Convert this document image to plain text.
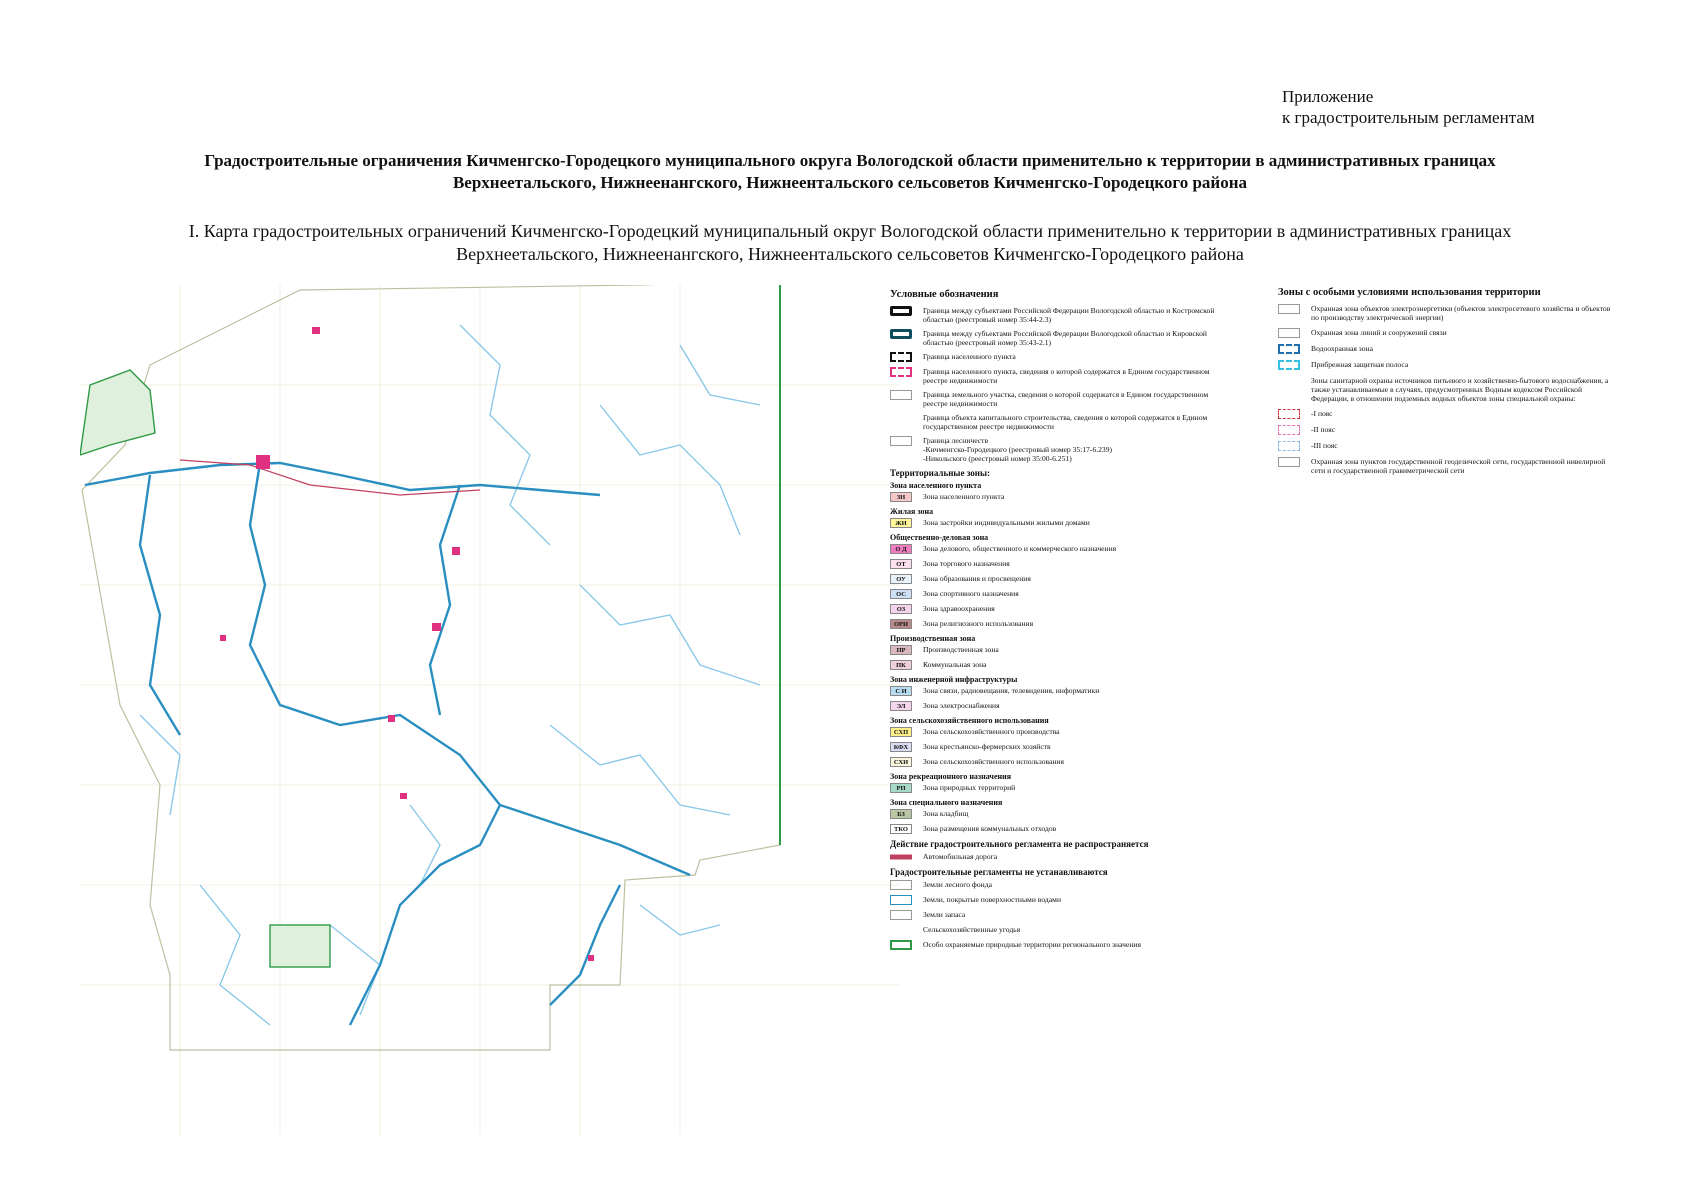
Приложение
к градостроительным регламентам
Градостроительные ограничения Кичменгско-Городецкого муниципального округа Вологодской области применительно к территории в административных границах
Верхнеетальского, Нижнеенангского, Нижнеентальского сельсоветов Кичменгско-Городецкого района
I. Карта градостроительных ограничений Кичменгско-Городецкий муниципальный округ Вологодской области применительно к территории в административных границах
Верхнеетальского, Нижнеенангского, Нижнеентальского сельсоветов Кичменгско-Городецкого района
Условные обозначения
Граница между субъектами Российской Федерации Вологодской областью и Костромской областью (реестровый номер 35:44-2.3)
Граница между субъектами Российской Федерации Вологодской областью и Кировской областью (реестровый номер 35:43-2.1)
Граница населенного пункта
Граница населенного пункта, сведения о которой содержатся в Едином государственном реестре недвижимости
Граница земельного участка, сведения о которой содержатся в Едином государственном реестре недвижимости
Граница объекта капитального строительства, сведения о которой содержатся в Едином государственном реестре недвижимости
Граница лесничеств
-Кичменгско-Городецкого (реестровый номер 35:17-6.239)
-Никольского (реестровый номер 35:00-6.251)
Территориальные зоны:
Зона населенного пункта
ЗН	Зона населенного пункта
Жилая зона
ЖИ	Зона застройки индивидуальными жилыми домами
Общественно-деловая зона
О Д	Зона делового, общественного и коммерческого назначения
ОТ	Зона торгового назначения
ОУ	Зона образования и просвещения
ОС	Зона спортивного назначения
ОЗ	Зона здравоохранения
ОРИ	Зона религиозного использования
Производственная зона
ПР	Производственная зона
ПК	Коммунальная зона
Зона инженерной инфраструктуры
С И	Зона связи, радиовещания, телевидения, информатики
ЭЛ	Зона электроснабжения
Зона сельскохозяйственного использования
СХП	Зона сельскохозяйственного производства
КФХ	Зона крестьянско-фермерских хозяйств
СХИ	Зона сельскохозяйственного использования
Зона рекреационного назначения
РП	Зона природных территорий
Зона специального назначения
БЗ	Зона кладбищ
ТКО	Зона размещения коммунальных отходов
Действие градостроительного регламента не распространяется
Автомобильная дорога
Градостроительные регламенты не устанавливаются
Земли лесного фонда
Земли, покрытые поверхностными водами
Земли запаса
Сельскохозяйственные угодья
Особо охраняемые природные территории регионального значения
Зоны с особыми условиями использования территории
Охранная зона объектов электроэнергетики (объектов электросетевого хозяйства и объектов по производству электрической энергии)
Охранная зона линий и сооружений связи
Водоохранная зона
Прибрежная защитная полоса
Зоны санитарной охраны источников питьевого и хозяйственно-бытового водоснабжения, а также устанавливаемые в случаях, предусмотренных Водным кодексом Российской Федерации, в отношении подземных водных объектов зоны специальной охраны:
-I пояс
-II пояс
-III пояс
Охранная зона пунктов государственной геодезической сети, государственной нивелирной сети и государственной гравиметрической сети
